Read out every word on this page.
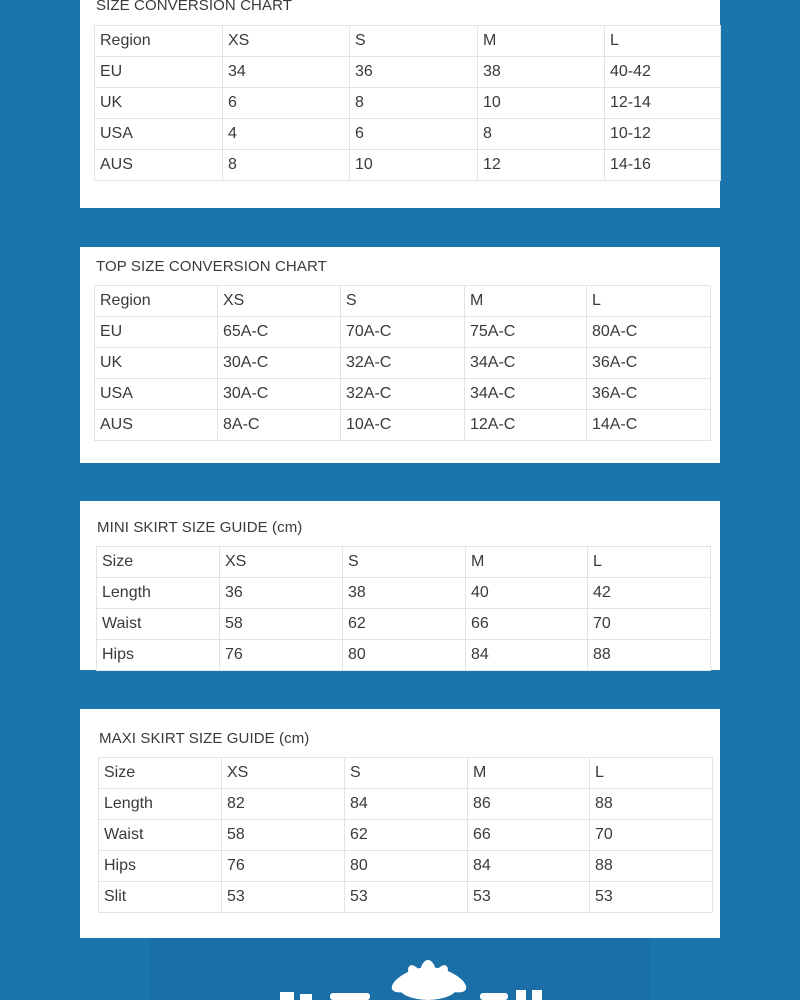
SIZE CONVERSION CHART
Region	XS	S	M	L
EU	34	36	38	40-42
UK	6	8	10	12-14
USA	4	6	8	10-12
AUS	8	10	12	14-16
TOP SIZE CONVERSION CHART
Region	XS	S	M	L
EU	65A-C	70A-C	75A-C	80A-C
UK	30A-C	32A-C	34A-C	36A-C
USA	30A-C	32A-C	34A-C	36A-C
AUS	8A-C	10A-C	12A-C	14A-C
MINI SKIRT SIZE GUIDE (cm)
Size	XS	S	M	L
Length	36	38	40	42
Waist	58	62	66	70
Hips	76	80	84	88
MAXI SKIRT SIZE GUIDE (cm)
Size	XS	S	M	L
Length	82	84	86	88
Waist	58	62	66	70
Hips	76	80	84	88
Slit	53	53	53	53
